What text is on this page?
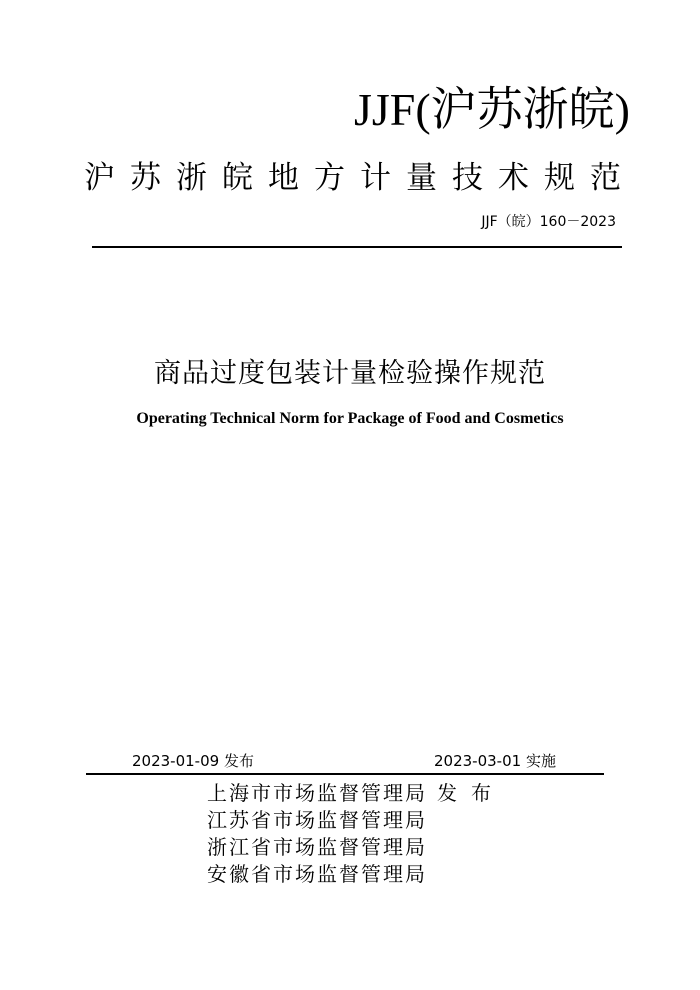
JJF(沪苏浙皖)
沪苏浙皖地方计量技术规范
JJF（皖）160－2023
商品过度包装计量检验操作规范
Operating Technical Norm for Package of Food and Cosmetics
2023-01-09 发布	2023-03-01 实施
上海市市场监督管理局 发布
江苏省市场监督管理局
浙江省市场监督管理局
安徽省市场监督管理局
